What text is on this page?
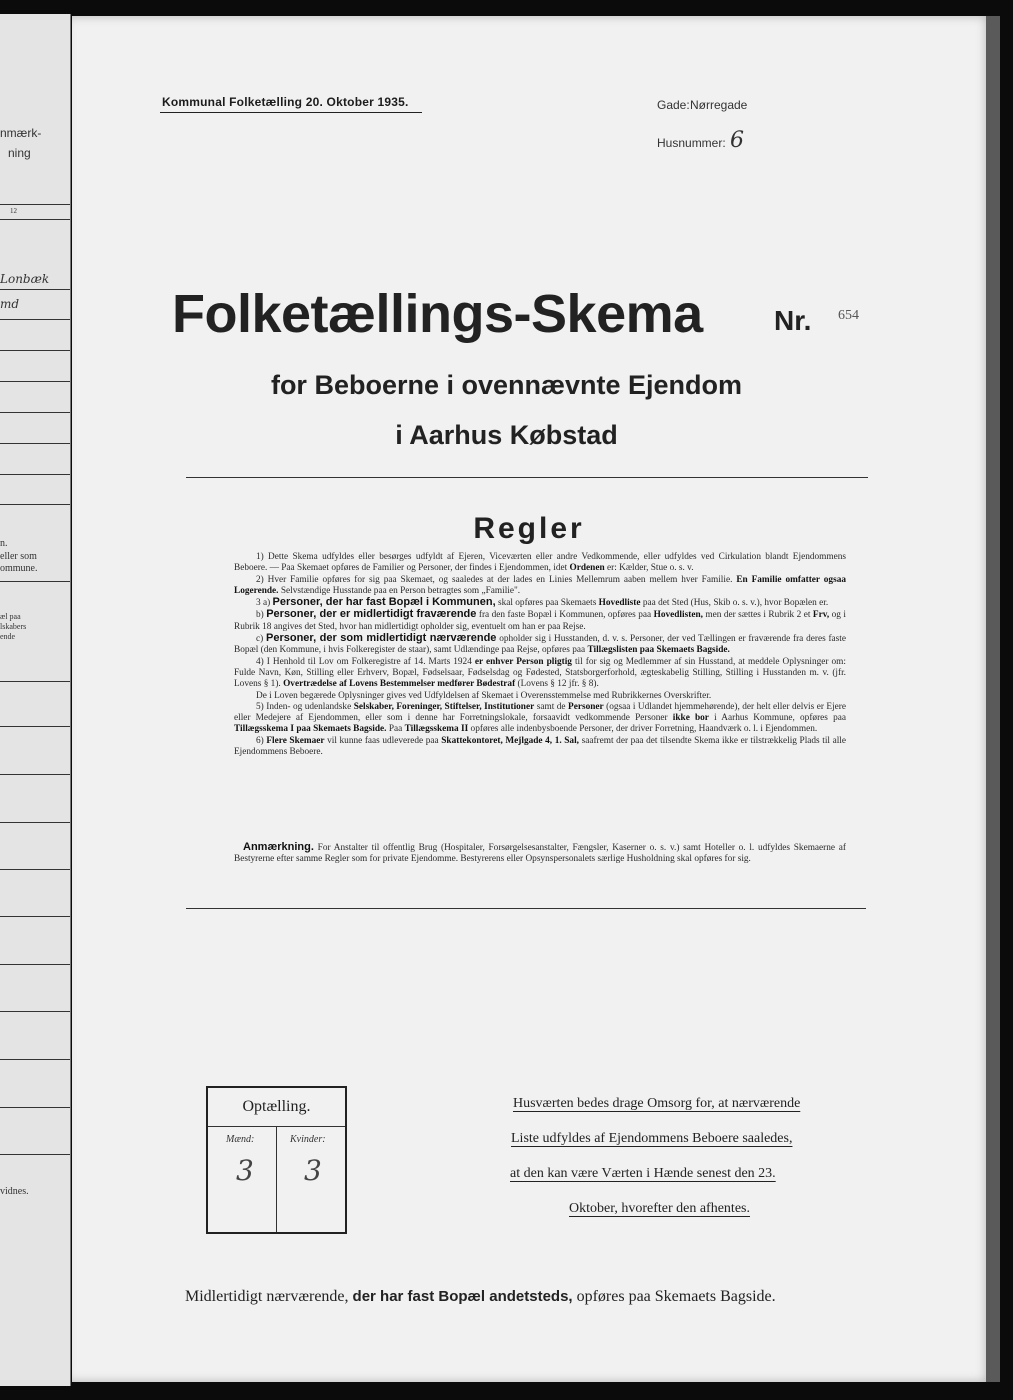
nmærk-
ning
12
Lonbæk
md
n.
eller som
ommune.
æl paa
lskabers
ende
vidnes.
Kommunal Folketælling 20. Oktober 1935.	Gade: Nørregade
Husnummer: 6
Folketællings-Skema	Nr. 654
for Beboerne i ovennævnte Ejendom
i Aarhus Købstad
Regler

1) Dette Skema udfyldes eller besørges udfyldt af Ejeren, Viceværten eller andre Vedkommende, eller udfyldes ved Cirkulation blandt Ejendommens Beboere. — Paa Skemaet opføres de Familier og Personer, der findes i Ejendommen, idet Ordenen er: Kælder, Stue o. s. v.

2) Hver Familie opføres for sig paa Skemaet, og saaledes at der lades en Linies Mellemrum aaben mellem hver Familie. En Familie omfatter ogsaa Logerende. Selvstændige Husstande paa en Person betragtes som „Familie".

3 a) Personer, der har fast Bopæl i Kommunen, skal opføres paa Skemaets Hovedliste paa det Sted (Hus, Skib o. s. v.), hvor Bopælen er.

b) Personer, der er midlertidigt fraværende fra den faste Bopæl i Kommunen, opføres paa Hovedlisten, men der sættes i Rubrik 2 et Frv, og i Rubrik 18 angives det Sted, hvor han midlertidigt opholder sig, eventuelt om han er paa Rejse.

c) Personer, der som midlertidigt nærværende opholder sig i Husstanden, d. v. s. Personer, der ved Tællingen er fraværende fra deres faste Bopæl (den Kommune, i hvis Folkeregister de staar), samt Udlændinge paa Rejse, opføres paa Tillægslisten paa Skemaets Bagside.

4) I Henhold til Lov om Folkeregistre af 14. Marts 1924 er enhver Person pligtig til for sig og Medlemmer af sin Husstand, at meddele Oplysninger om: Fulde Navn, Køn, Stilling eller Erhverv, Bopæl, Fødselsaar, Fødselsdag og Fødested, Statsborgerforhold, ægteskabelig Stilling, Stilling i Husstanden m. v. (jfr. Lovens § 1). Overtrædelse af Lovens Bestemmelser medfører Bødestraf (Lovens § 12 jfr. § 8).

De i Loven begærede Oplysninger gives ved Udfyldelsen af Skemaet i Overensstemmelse med Rubrikkernes Overskrifter.

5) Inden- og udenlandske Selskaber, Foreninger, Stiftelser, Institutioner samt de Personer (ogsaa i Udlandet hjemmehørende), der helt eller delvis er Ejere eller Medejere af Ejendommen, eller som i denne har Forretningslokale, forsaavidt vedkommende Personer ikke bor i Aarhus Kommune, opføres paa Tillægsskema I paa Skemaets Bagside. Paa Tillægsskema II opføres alle indenbysboende Personer, der driver Forretning, Haandværk o. l. i Ejendommen.

6) Flere Skemaer vil kunne faas udleverede paa Skattekontoret, Mejlgade 4, 1. Sal, saafremt der paa det tilsendte Skema ikke er tilstrækkelig Plads til alle Ejendommens Beboere.

Anmærkning. For Anstalter til offentlig Brug (Hospitaler, Forsørgelsesanstalter, Fængsler, Kaserner o. s. v.) samt Hoteller o. l. udfyldes Skemaerne af Bestyrerne efter samme Regler som for private Ejendomme. Bestyrerens eller Opsynspersonalets særlige Husholdning skal opføres for sig.
Optælling.
Mænd:	Kvinder:
3 3
Husværten bedes drage Omsorg for, at nærværende
Liste udfyldes af Ejendommens Beboere saaledes,
at den kan være Værten i Hænde senest den 23.
Oktober, hvorefter den afhentes.
Midlertidigt nærværende, der har fast Bopæl andetsteds, opføres paa Skemaets Bagside.
